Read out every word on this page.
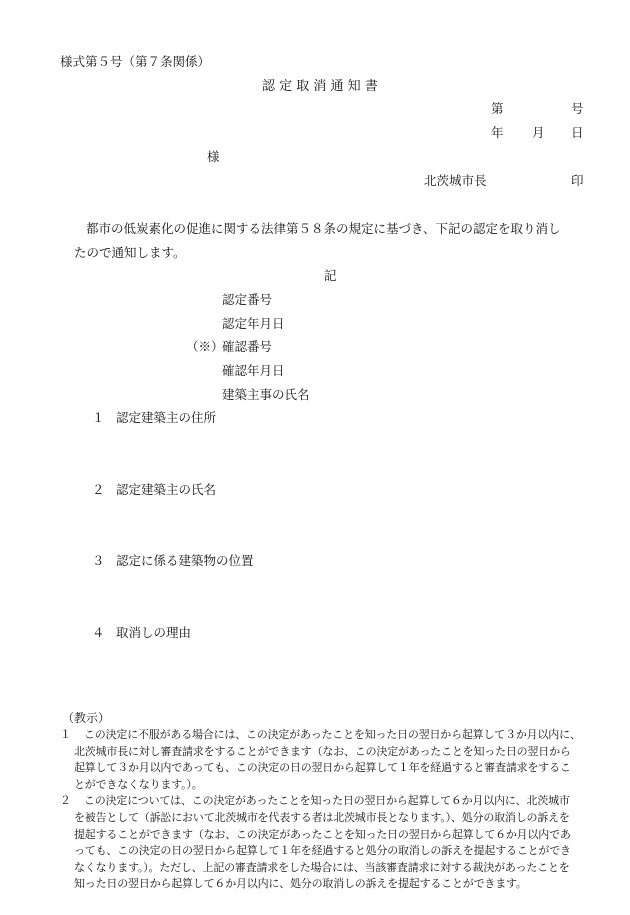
様式第５号（第７条関係）
認 定 取 消 通 知 書
第	号
年 月 日
様
北茨城市長	印
都市の低炭素化の促進に関する法律第５８条の規定に基づき、下記の認定を取り消し
たので通知します。
記
認定番号
認定年月日
（※）
確認番号
確認年月日
建築主事の氏名
１ 認定建築主の住所
２ 認定建築主の氏名
３ 認定に係る建築物の位置
４ 取消しの理由
（教示）
１	この決定に不服がある場合には、この決定があったことを知った日の翌日から起算して３か月以内に、
北茨城市長に対し審査請求をすることができます（なお、この決定があったことを知った日の翌日から
起算して３か月以内であっても、この決定の日の翌日から起算して１年を経過すると審査請求をするこ
とができなくなります。）。
２	この決定については、この決定があったことを知った日の翌日から起算して６か月以内に、北茨城市
を被告として（訴訟において北茨城市を代表する者は北茨城市長となります。）、処分の取消しの訴えを
提起することができます（なお、この決定があったことを知った日の翌日から起算して６か月以内であ
っても、この決定の日の翌日から起算して１年を経過すると処分の取消しの訴えを提起することができ
なくなります。）。ただし、上記の審査請求をした場合には、当該審査請求に対する裁決があったことを
知った日の翌日から起算して６か月以内に、処分の取消しの訴えを提起することができます。
